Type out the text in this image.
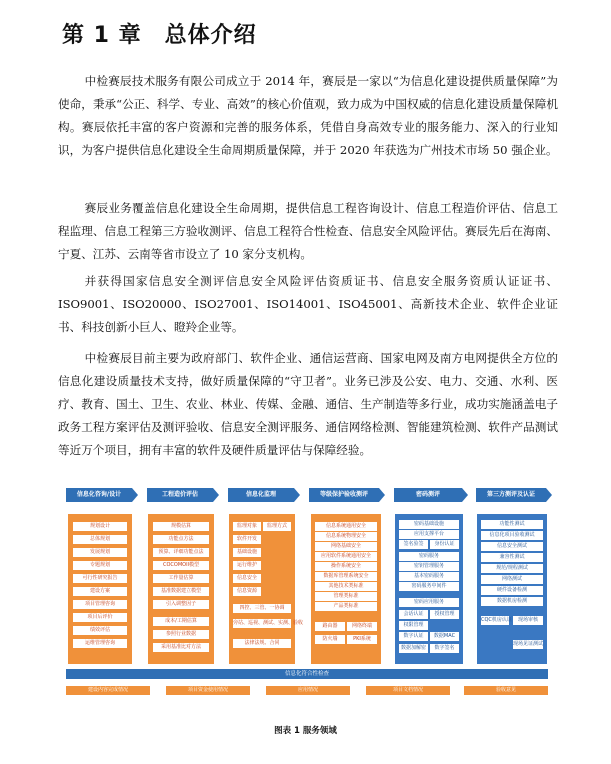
第 1 章　总体介绍

中检赛辰技术服务有限公司成立于 2014 年，赛辰是一家以“为信息化建设提供质量保障”为使命，秉承“公正、科学、专业、高效”的核心价值观，致力成为中国权威的信息化建设质量保障机构。赛辰依托丰富的客户资源和完善的服务体系，凭借自身高效专业的服务能力、深入的行业知识，为客户提供信息化建设全生命周期质量保障，并于 2020 年获选为广州技术市场 50 强企业。

赛辰业务覆盖信息化建设全生命周期，提供信息工程咨询设计、信息工程造价评估、信息工程监理、信息工程第三方验收测评、信息工程符合性检查、信息安全风险评估。赛辰先后在海南、宁夏、江苏、云南等省市设立了 10 家分支机构。

并获得国家信息安全测评信息安全风险评估资质证书、信息安全服务资质认证证书、ISO9001、ISO20000、ISO27001、ISO14001、ISO45001、高新技术企业、软件企业证书、科技创新小巨人、瞪羚企业等。

中检赛辰目前主要为政府部门、软件企业、通信运营商、国家电网及南方电网提供全方位的信息化建设质量技术支持，做好质量保障的“守卫者”。业务已涉及公安、电力、交通、水利、医疗、教育、国土、卫生、农业、林业、传媒、金融、通信、生产制造等多行业，成功实施涵盖电子政务工程方案评估及测评验收、信息安全测评服务、通信网络检测、智能建筑检测、软件产品测试等近万个项目，拥有丰富的软件及硬件质量评估与保障经验。

信息化咨询/设计	工程造价评估	信息化监理	等级保护验收测评	密码测评	第三方测评及认证
规划设计
总体规划
发展规划
专题规划
可行性研究报告
建设方案
项目管理咨询
项目后评价
绩效评估
运维管理咨询
规模估算
功能点方法
预算、详细功能点法
COCOMOII模型
工作量估算
基准数据建立模型
引入调整因子
成本/工期估算
参照行业数据
采用基准比对方法
监理对象	监理方式
软件开发
基础设施
运行维护
信息安全
信息资源
四控、三管、一协调
旁站、巡视、测试、实测、验收
法律法规、合同
信息系统通用安全
信息系统物理安全
网络基础安全
应用软件系统通用安全
操作系统安全
数据库管理系统安全
其他技术类标准
管理类标准
产品类标准
路由器	网络终端
防火墙	PKI系统
密码基础设施
应用支撑平台
签名验签	身份认证
密码服务
密钥管理服务
基本密码服务
密码服务中间件
密码应用服务
会话认证	授权管理
权限管理
数字认证	数据MAC
数据加解密	数字签名
功能性测试
信息化项目验收测试
信息安全测试
兼容性测试
规范/规程测试
网络测试
硬件设备检测
数据机房检测
CQC机房认证	现场审核
现场见证测试
信息化符合性检查
建设内容完成情况	项目资金使用情况	应用情况	项目文档情况	验收意见
图表 1 服务领域
